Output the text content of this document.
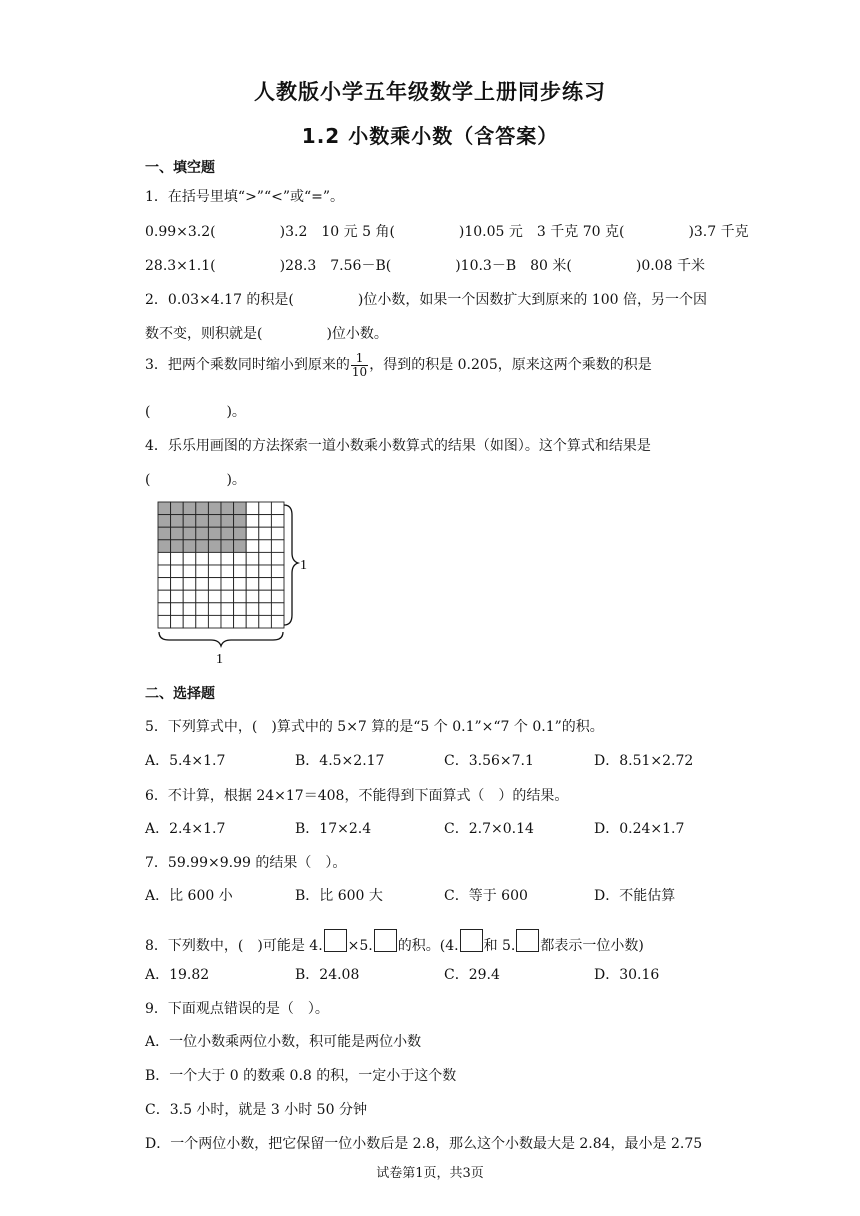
人教版小学五年级数学上册同步练习
1.2 小数乘小数（含答案）
一、填空题
1．在括号里填“>”“<”或“=”。
0.99×3.2(	)3.2　10 元 5 角(	)10.05 元　3 千克 70 克(	)3.7 千克
28.3×1.1(	)28.3　7.56－B(	)10.3－B　80 米(	)0.08 千米
2．0.03×4.17 的积是(	)位小数，如果一个因数扩大到原来的 100 倍，另一个因
数不变，则积就是(	)位小数。
3．把两个乘数同时缩小到原来的 $\frac{1}{10}$ ，得到的积是 0.205，原来这两个乘数的积是
(	)。
4．乐乐用画图的方法探索一道小数乘小数算式的结果（如图）。这个算式和结果是
(	)。
1
1
二、选择题
5．下列算式中，(　)算式中的 5×7 算的是“5 个 0.1”×“7 个 0.1”的积。
A．5.4×1.7	B．4.5×2.17	C．3.56×7.1	D．8.51×2.72
6．不计算，根据 24×17＝408，不能得到下面算式（　）的结果。
A．2.4×1.7	B．17×2.4	C．2.7×0.14	D．0.24×1.7
7．59.99×9.99 的结果（　）。
A．比 600 小	B．比 600 大	C．等于 600	D．不能估算
8．下列数中，(　)可能是 4. ×5. 的积。(4. 和 5. 都表示一位小数)
A．19.82	B．24.08	C．29.4	D．30.16
9．下面观点错误的是（　）。
A．一位小数乘两位小数，积可能是两位小数
B．一个大于 0 的数乘 0.8 的积，一定小于这个数
C．3.5 小时，就是 3 小时 50 分钟
D．一个两位小数，把它保留一位小数后是 2.8，那么这个小数最大是 2.84，最小是 2.75
试卷第1页，共3页
